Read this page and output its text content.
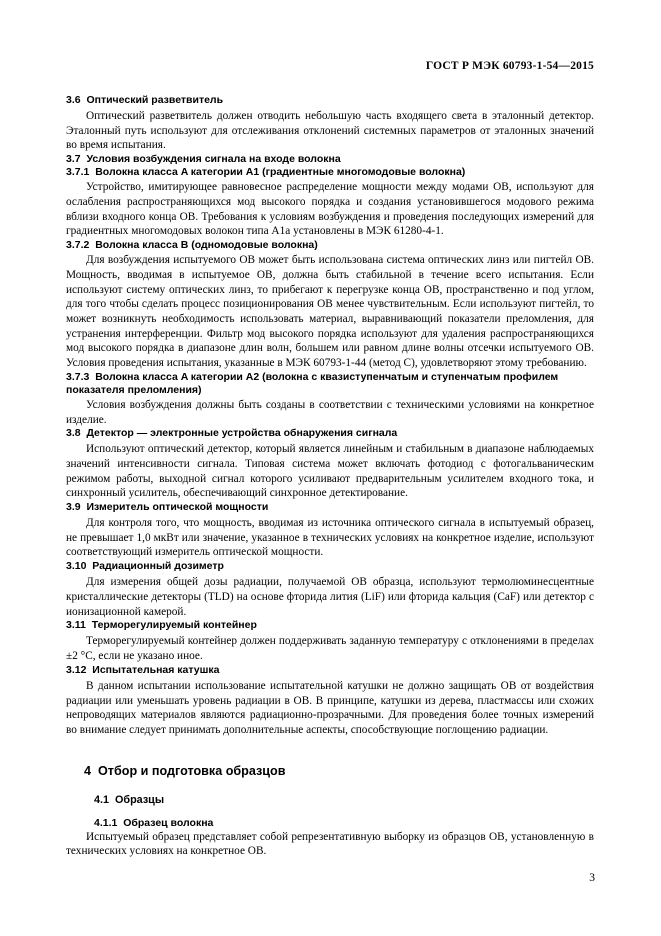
ГОСТ Р МЭК 60793-1-54—2015
3.6 Оптический разветвитель

Оптический разветвитель должен отводить небольшую часть входящего света в эталонный детектор. Эталонный путь используют для отслеживания отклонений системных параметров от эталонных значений во время испытания.

3.7 Условия возбуждения сигнала на входе волокна
3.7.1 Волокна класса A категории A1 (градиентные многомодовые волокна)

Устройство, имитирующее равновесное распределение мощности между модами ОВ, используют для ослабления распространяющихся мод высокого порядка и создания установившегося модового режима вблизи входного конца ОВ. Требования к условиям возбуждения и проведения последующих измерений для градиентных многомодовых волокон типа A1a установлены в МЭК 61280-4-1.

3.7.2 Волокна класса B (одномодовые волокна)

Для возбуждения испытуемого ОВ может быть использована система оптических линз или пигтейл ОВ. Мощность, вводимая в испытуемое ОВ, должна быть стабильной в течение всего испытания. Если используют систему оптических линз, то прибегают к перегрузке конца ОВ, пространственно и под углом, для того чтобы сделать процесс позиционирования ОВ менее чувствительным. Если используют пигтейл, то может возникнуть необходимость использовать материал, выравнивающий показатели преломления, для устранения интерференции. Фильтр мод высокого порядка используют для удаления распространяющихся мод высокого порядка в диапазоне длин волн, большем или равном длине волны отсечки испытуемого ОВ. Условия проведения испытания, указанные в МЭК 60793-1-44 (метод C), удовлетворяют этому требованию.

3.7.3 Волокна класса A категории A2 (волокна с квазиступенчатым и ступенчатым профилем показателя преломления)

Условия возбуждения должны быть созданы в соответствии с техническими условиями на конкретное изделие.

3.8 Детектор — электронные устройства обнаружения сигнала

Используют оптический детектор, который является линейным и стабильным в диапазоне наблюдаемых значений интенсивности сигнала. Типовая система может включать фотодиод с фотогальваническим режимом работы, выходной сигнал которого усиливают предварительным усилителем входного тока, и синхронный усилитель, обеспечивающий синхронное детектирование.

3.9 Измеритель оптической мощности

Для контроля того, что мощность, вводимая из источника оптического сигнала в испытуемый образец, не превышает 1,0 мкВт или значение, указанное в технических условиях на конкретное изделие, используют соответствующий измеритель оптической мощности.

3.10 Радиационный дозиметр

Для измерения общей дозы радиации, получаемой ОВ образца, используют термолюминесцентные кристаллические детекторы (TLD) на основе фторида лития (LiF) или фторида кальция (CaF) или детектор с ионизационной камерой.

3.11 Терморегулируемый контейнер

Терморегулируемый контейнер должен поддерживать заданную температуру с отклонениями в пределах ±2 °C, если не указано иное.

3.12 Испытательная катушка

В данном испытании использование испытательной катушки не должно защищать ОВ от воздействия радиации или уменьшать уровень радиации в ОВ. В принципе, катушки из дерева, пластмассы или схожих непроводящих материалов являются радиационно-прозрачными. Для проведения более точных измерений во внимание следует принимать дополнительные аспекты, способствующие поглощению радиации.

4 Отбор и подготовка образцов
4.1 Образцы
4.1.1 Образец волокна

Испытуемый образец представляет собой репрезентативную выборку из образцов ОВ, установленную в технических условиях на конкретное ОВ.

3
